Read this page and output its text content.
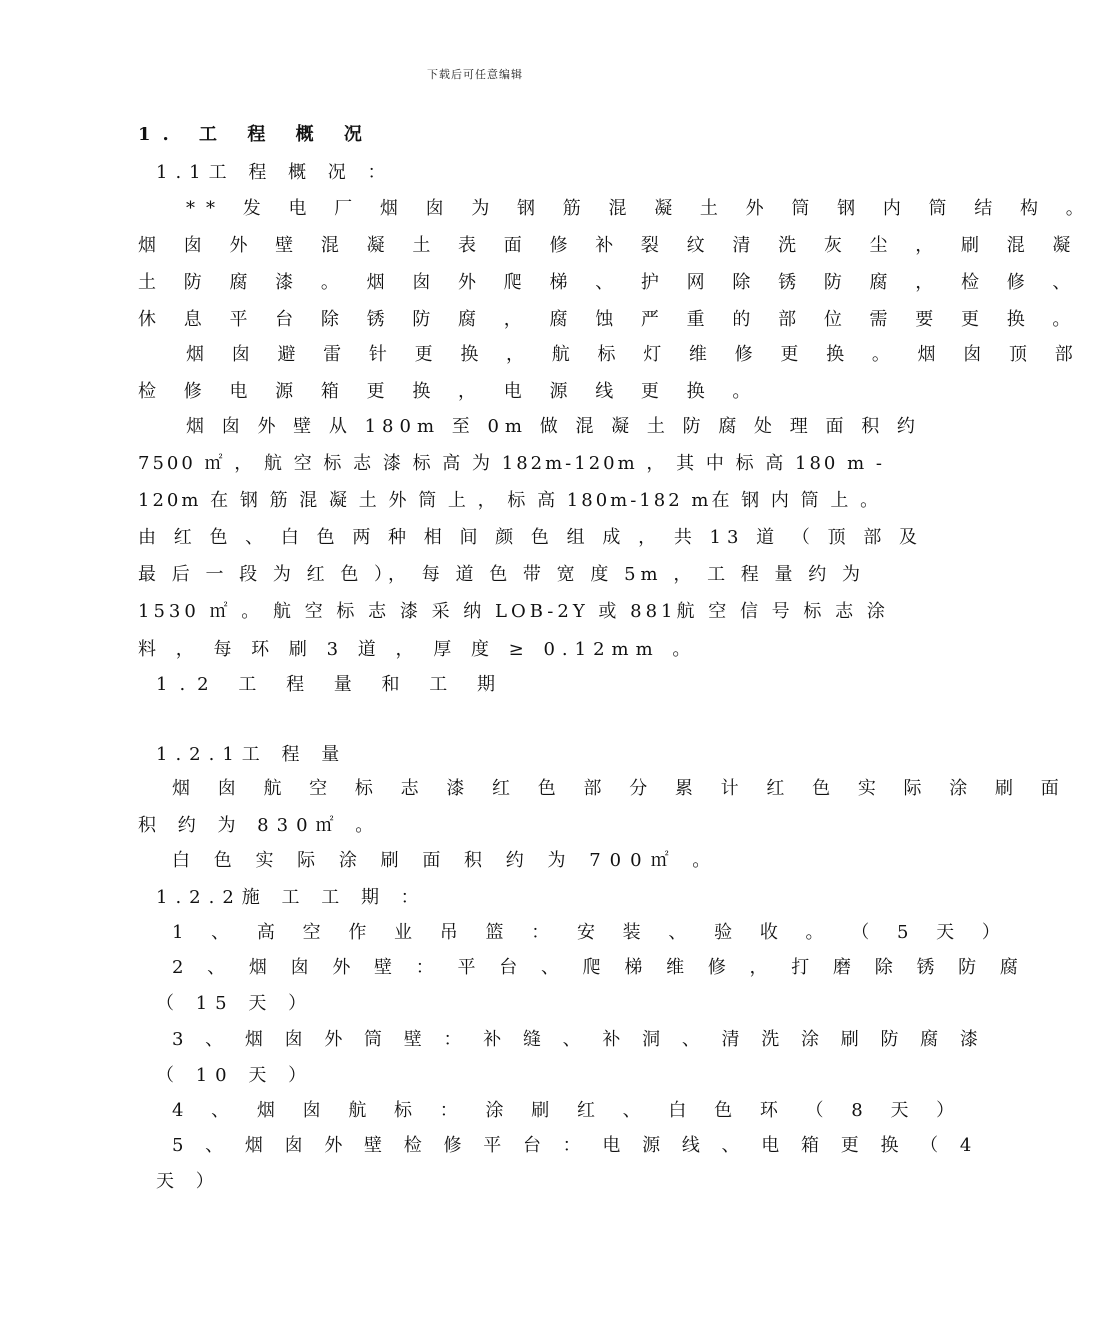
下载后可任意编辑
1. 工 程 概 况
1.1工 程 概 况 ：
** 发 电 厂 烟 囱 为 钢 筋 混 凝 土 外 筒 钢 内 筒 结 构 。
烟 囱 外 壁 混 凝 土 表 面 修 补 裂 纹 清 洗 灰 尘 ， 刷 混 凝
土 防 腐 漆 。 烟 囱 外 爬 梯 、 护 网 除 锈 防 腐 ， 检 修 、
休 息 平 台 除 锈 防 腐 ， 腐 蚀 严 重 的 部 位 需 要 更 换 。
烟 囱 避 雷 针 更 换 ， 航 标 灯 维 修 更 换 。 烟 囱 顶 部
检 修 电 源 箱 更 换 ， 电 源 线 更 换 。
烟 囱 外 壁 从 180m 至 0m 做 混 凝 土 防 腐 处 理 面 积 约
7500 ㎡ ， 航 空 标 志 漆 标 高 为 182m-120m ， 其 中 标 高 180 m -
120m 在 钢 筋 混 凝 土 外 筒 上 ， 标 高 180m-182 m在 钢 内 筒 上 。
由 红 色 、 白 色 两 种 相 间 颜 色 组 成 ， 共 13 道 （ 顶 部 及
最 后 一 段 为 红 色 ）， 每 道 色 带 宽 度 5m ， 工 程 量 约 为
1530 ㎡ 。 航 空 标 志 漆 采 纳 LOB-2Y 或 881航 空 信 号 标 志 涂
料 ， 每 环 刷 3 道 ， 厚 度 ≥ 0.12mm 。
1.2 工 程 量 和 工 期
1.2.1工 程 量
烟 囱 航 空 标 志 漆 红 色 部 分 累 计 红 色 实 际 涂 刷 面
积 约 为 830㎡ 。
白 色 实 际 涂 刷 面 积 约 为 700㎡ 。
1.2.2施 工 工 期 ：
1 、 高 空 作 业 吊 篮 ： 安 装 、 验 收 。 （ 5 天 ）
2 、 烟 囱 外 壁 ： 平 台 、 爬 梯 维 修 ， 打 磨 除 锈 防 腐
（ 15 天 ）
3 、 烟 囱 外 筒 壁 ： 补 缝 、 补 洞 、 清 洗 涂 刷 防 腐 漆
（ 10 天 ）
4 、 烟 囱 航 标 ： 涂 刷 红 、 白 色 环 （ 8 天 ）
5 、 烟 囱 外 壁 检 修 平 台 ： 电 源 线 、 电 箱 更 换 （ 4
天 ）
